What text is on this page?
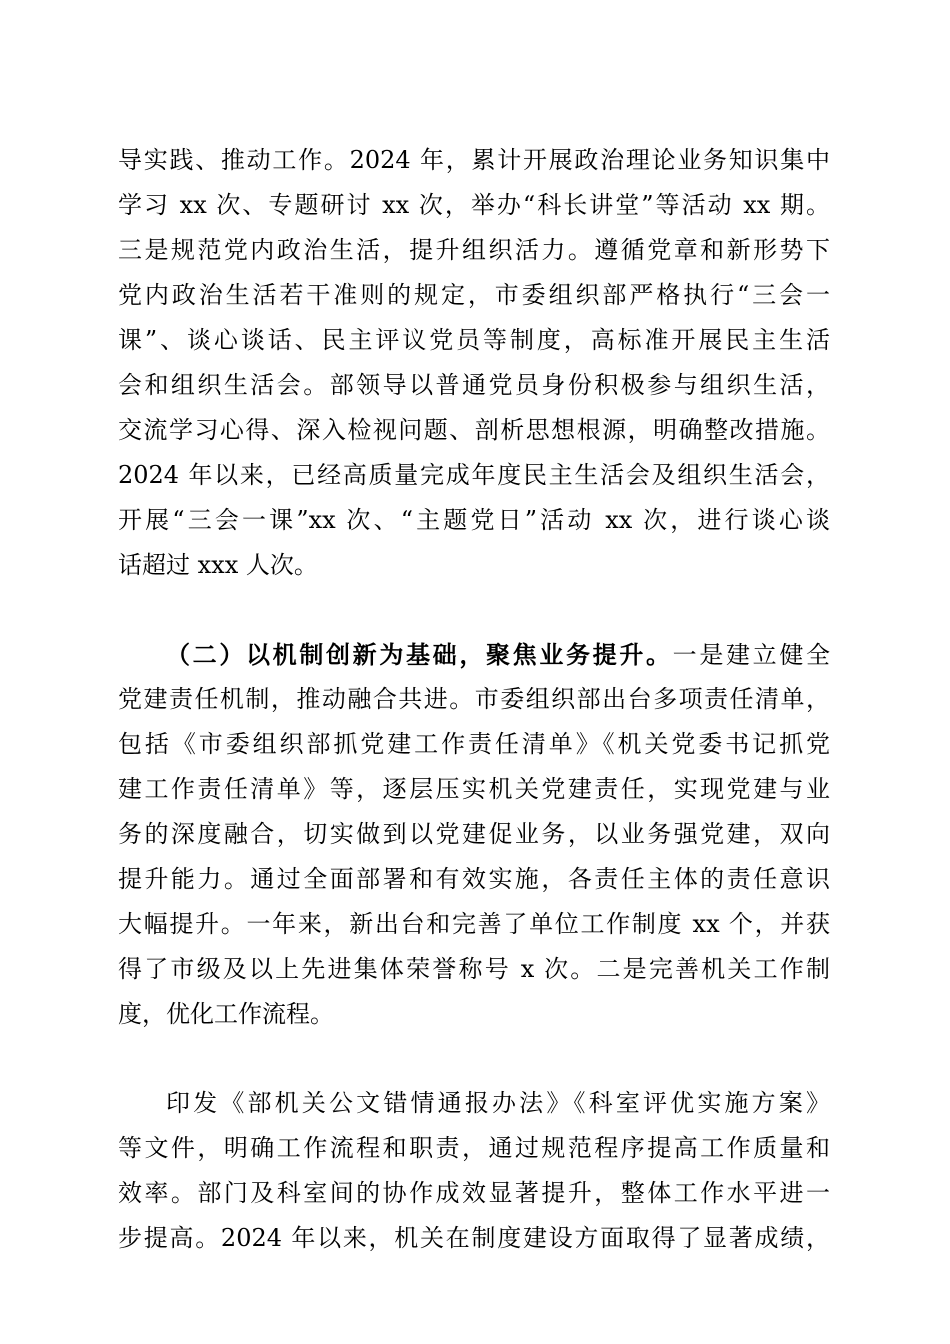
导实践、推动工作。2024 年，累计开展政治理论业务知识集中
学习 xx 次、专题研讨 xx 次，举办“科长讲堂”等活动 xx 期。
三是规范党内政治生活，提升组织活力。遵循党章和新形势下
党内政治生活若干准则的规定，市委组织部严格执行“三会一
课”、谈心谈话、民主评议党员等制度，高标准开展民主生活
会和组织生活会。部领导以普通党员身份积极参与组织生活，
交流学习心得、深入检视问题、剖析思想根源，明确整改措施。
2024 年以来，已经高质量完成年度民主生活会及组织生活会，
开展“三会一课”xx 次、“主题党日”活动 xx 次，进行谈心谈
话超过 xxx 人次。
（二）以机制创新为基础，聚焦业务提升。一是建立健全
党建责任机制，推动融合共进。市委组织部出台多项责任清单，
包括《市委组织部抓党建工作责任清单》《机关党委书记抓党
建工作责任清单》等，逐层压实机关党建责任，实现党建与业
务的深度融合，切实做到以党建促业务，以业务强党建，双向
提升能力。通过全面部署和有效实施，各责任主体的责任意识
大幅提升。一年来，新出台和完善了单位工作制度 xx 个，并获
得了市级及以上先进集体荣誉称号 x 次。二是完善机关工作制
度，优化工作流程。
印发《部机关公文错情通报办法》《科室评优实施方案》
等文件，明确工作流程和职责，通过规范程序提高工作质量和
效率。部门及科室间的协作成效显著提升，整体工作水平进一
步提高。2024 年以来，机关在制度建设方面取得了显著成绩，
